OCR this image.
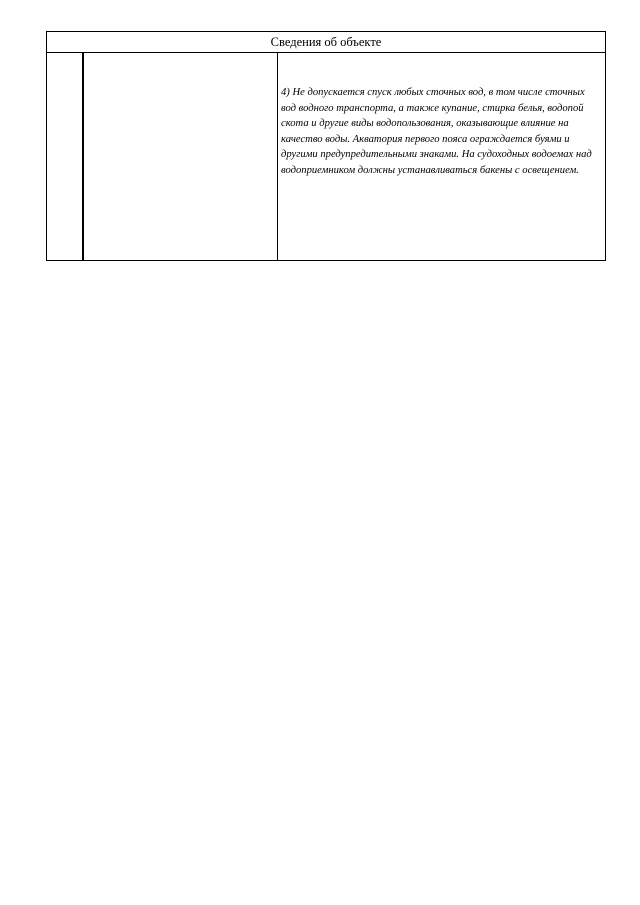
Сведения об объекте
		4) Не допускается спуск любых сточных вод, в том числе сточных вод водного транспорта, а также купание, стирка белья, водопой скота и другие виды водопользования, оказывающие влияние на качество воды. Акватория первого пояса ограждается буями и другими предупредительными знаками. На судоходных водоемах над водоприемником должны устанавливаться бакены с освещением.
